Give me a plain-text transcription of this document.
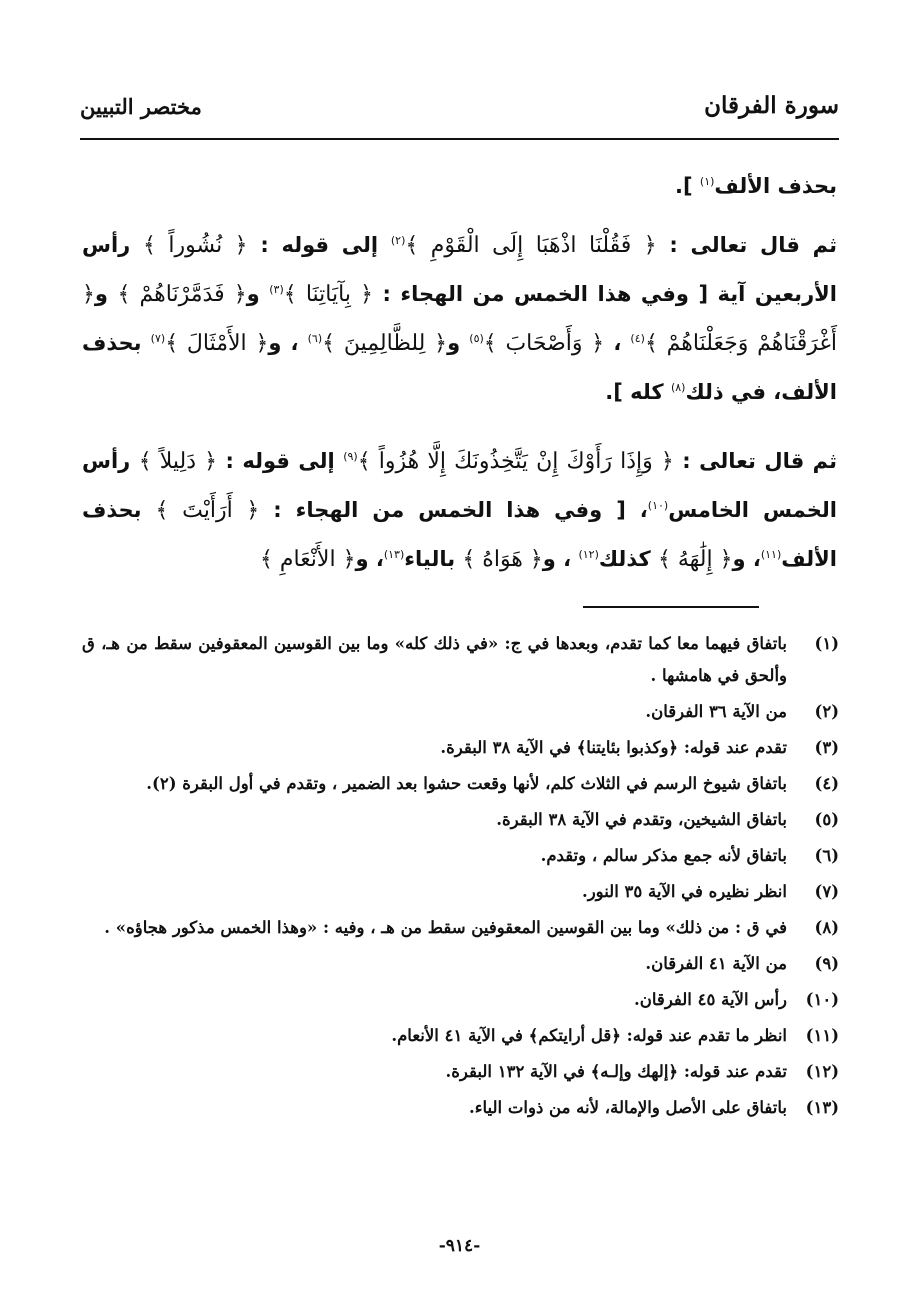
سورة الفرقان
مختصر التبيين

بحذف الألف$^{(١)}$ ].

ثم قال تعالى : ﴿ فَقُلْنَا اذْهَبَا إِلَى الْقَوْمِ ﴾$^{(٢)}$ إلى قوله : ﴿ نُشُوراً ﴾ رأس الأربعين آية [ وفي هذا الخمس من الهجاء : ﴿ بِآيَاتِنَا ﴾$^{(٣)}$ و﴿ فَدَمَّرْنَاهُمْ ﴾ و﴿ أَغْرَقْنَاهُمْ وَجَعَلْنَاهُمْ ﴾$^{(٤)}$ ، ﴿ وَأَصْحَابَ ﴾$^{(٥)}$ و﴿ لِلظَّالِمِينَ ﴾$^{(٦)}$ ، و﴿ الأَمْثَالَ ﴾$^{(٧)}$ بحذف الألف، في ذلك$^{(٨)}$ كله ].

ثم قال تعالى : ﴿ وَإِذَا رَأَوْكَ إِنْ يَتَّخِذُونَكَ إِلَّا هُزُواً ﴾$^{(٩)}$ إلى قوله : ﴿ دَلِيلاً ﴾ رأس الخمس الخامس$^{(١٠)}$، [ وفي هذا الخمس من الهجاء : ﴿ أَرَأَيْتَ ﴾ بحذف الألف$^{(١١)}$، و﴿ إِلَٰهَهُ ﴾ كذلك$^{(١٢)}$ ، و﴿ هَوَاهُ ﴾ بالياء$^{(١٣)}$، و﴿ الأَنْعَامِ ﴾

(١)
باتفاق فيهما معا كما تقدم، وبعدها في ج: «في ذلك كله» وما بين القوسين المعقوفين سقط من هـ، ق وألحق في هامشها .
(٢)
من الآية ٣٦ الفرقان.
(٣)
تقدم عند قوله: ﴿وكذبوا بئايتنا﴾ في الآية ٣٨ البقرة.
(٤)
باتفاق شيوخ الرسم في الثلاث كلم، لأنها وقعت حشوا بعد الضمير ، وتقدم في أول البقرة (٢).
(٥)
باتفاق الشيخين، وتقدم في الآية ٣٨ البقرة.
(٦)
باتفاق لأنه جمع مذكر سالم ، وتقدم.
(٧)
انظر نظيره في الآية ٣٥ النور.
(٨)
في ق : من ذلك» وما بين القوسين المعقوفين سقط من هـ ، وفيه : «وهذا الخمس مذكور هجاؤه» .
(٩)
من الآية ٤١ الفرقان.
(١٠)
رأس الآية ٤٥ الفرقان.
(١١)
انظر ما تقدم عند قوله: ﴿قل أرايتكم﴾ في الآية ٤١ الأنعام.
(١٢)
تقدم عند قوله: ﴿إلهك وإلـه﴾ في الآية ١٣٢ البقرة.
(١٣)
باتفاق على الأصل والإمالة، لأنه من ذوات الياء.
-٩١٤-
